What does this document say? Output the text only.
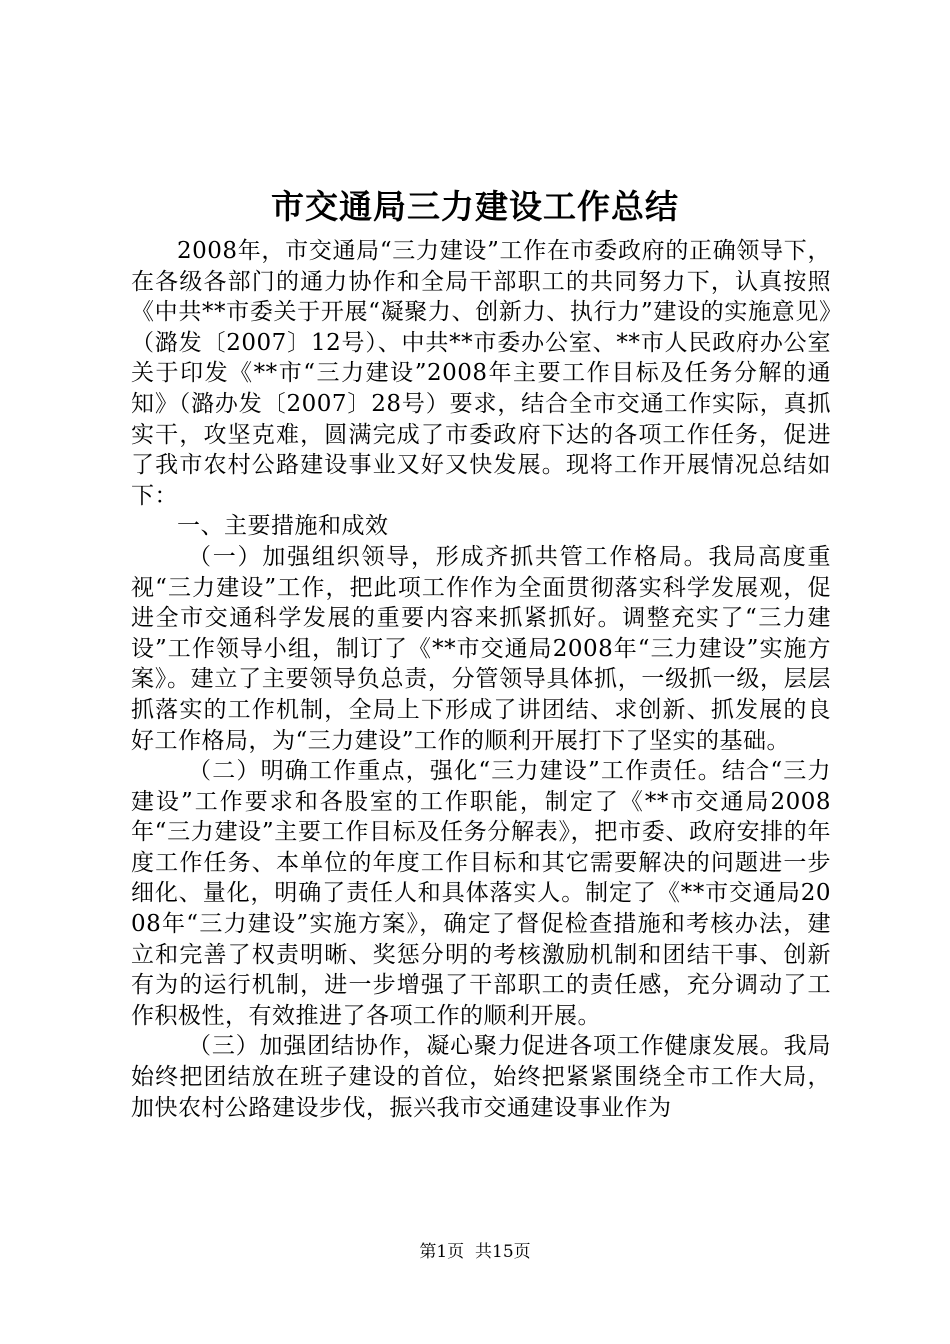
市交通局三力建设工作总结

2008年，市交通局“三力建设”工作在市委政府的正确领导下，在各级各部门的通力协作和全局干部职工的共同努力下，认真按照《中共**市委关于开展“凝聚力、创新力、执行力”建设的实施意见》（潞发〔2007〕12号）、中共**市委办公室、**市人民政府办公室关于印发《**市“三力建设”2008年主要工作目标及任务分解的通知》（潞办发〔2007〕28号）要求，结合全市交通工作实际，真抓实干，攻坚克难，圆满完成了市委政府下达的各项工作任务，促进了我市农村公路建设事业又好又快发展。现将工作开展情况总结如下：

一、主要措施和成效

（一）加强组织领导，形成齐抓共管工作格局。我局高度重视“三力建设”工作，把此项工作作为全面贯彻落实科学发展观，促进全市交通科学发展的重要内容来抓紧抓好。调整充实了“三力建设”工作领导小组，制订了《**市交通局2008年“三力建设”实施方案》。建立了主要领导负总责，分管领导具体抓，一级抓一级，层层抓落实的工作机制，全局上下形成了讲团结、求创新、抓发展的良好工作格局，为“三力建设”工作的顺利开展打下了坚实的基础。

（二）明确工作重点，强化“三力建设”工作责任。结合“三力建设”工作要求和各股室的工作职能，制定了《**市交通局2008年“三力建设”主要工作目标及任务分解表》，把市委、政府安排的年度工作任务、本单位的年度工作目标和其它需要解决的问题进一步细化、量化，明确了责任人和具体落实人。制定了《**市交通局2008年“三力建设”实施方案》，确定了督促检查措施和考核办法，建立和完善了权责明晰、奖惩分明的考核激励机制和团结干事、创新有为的运行机制，进一步增强了干部职工的责任感，充分调动了工作积极性，有效推进了各项工作的顺利开展。

（三）加强团结协作，凝心聚力促进各项工作健康发展。我局始终把团结放在班子建设的首位，始终把紧紧围绕全市工作大局，加快农村公路建设步伐，振兴我市交通建设事业作为

第1页 共15页
